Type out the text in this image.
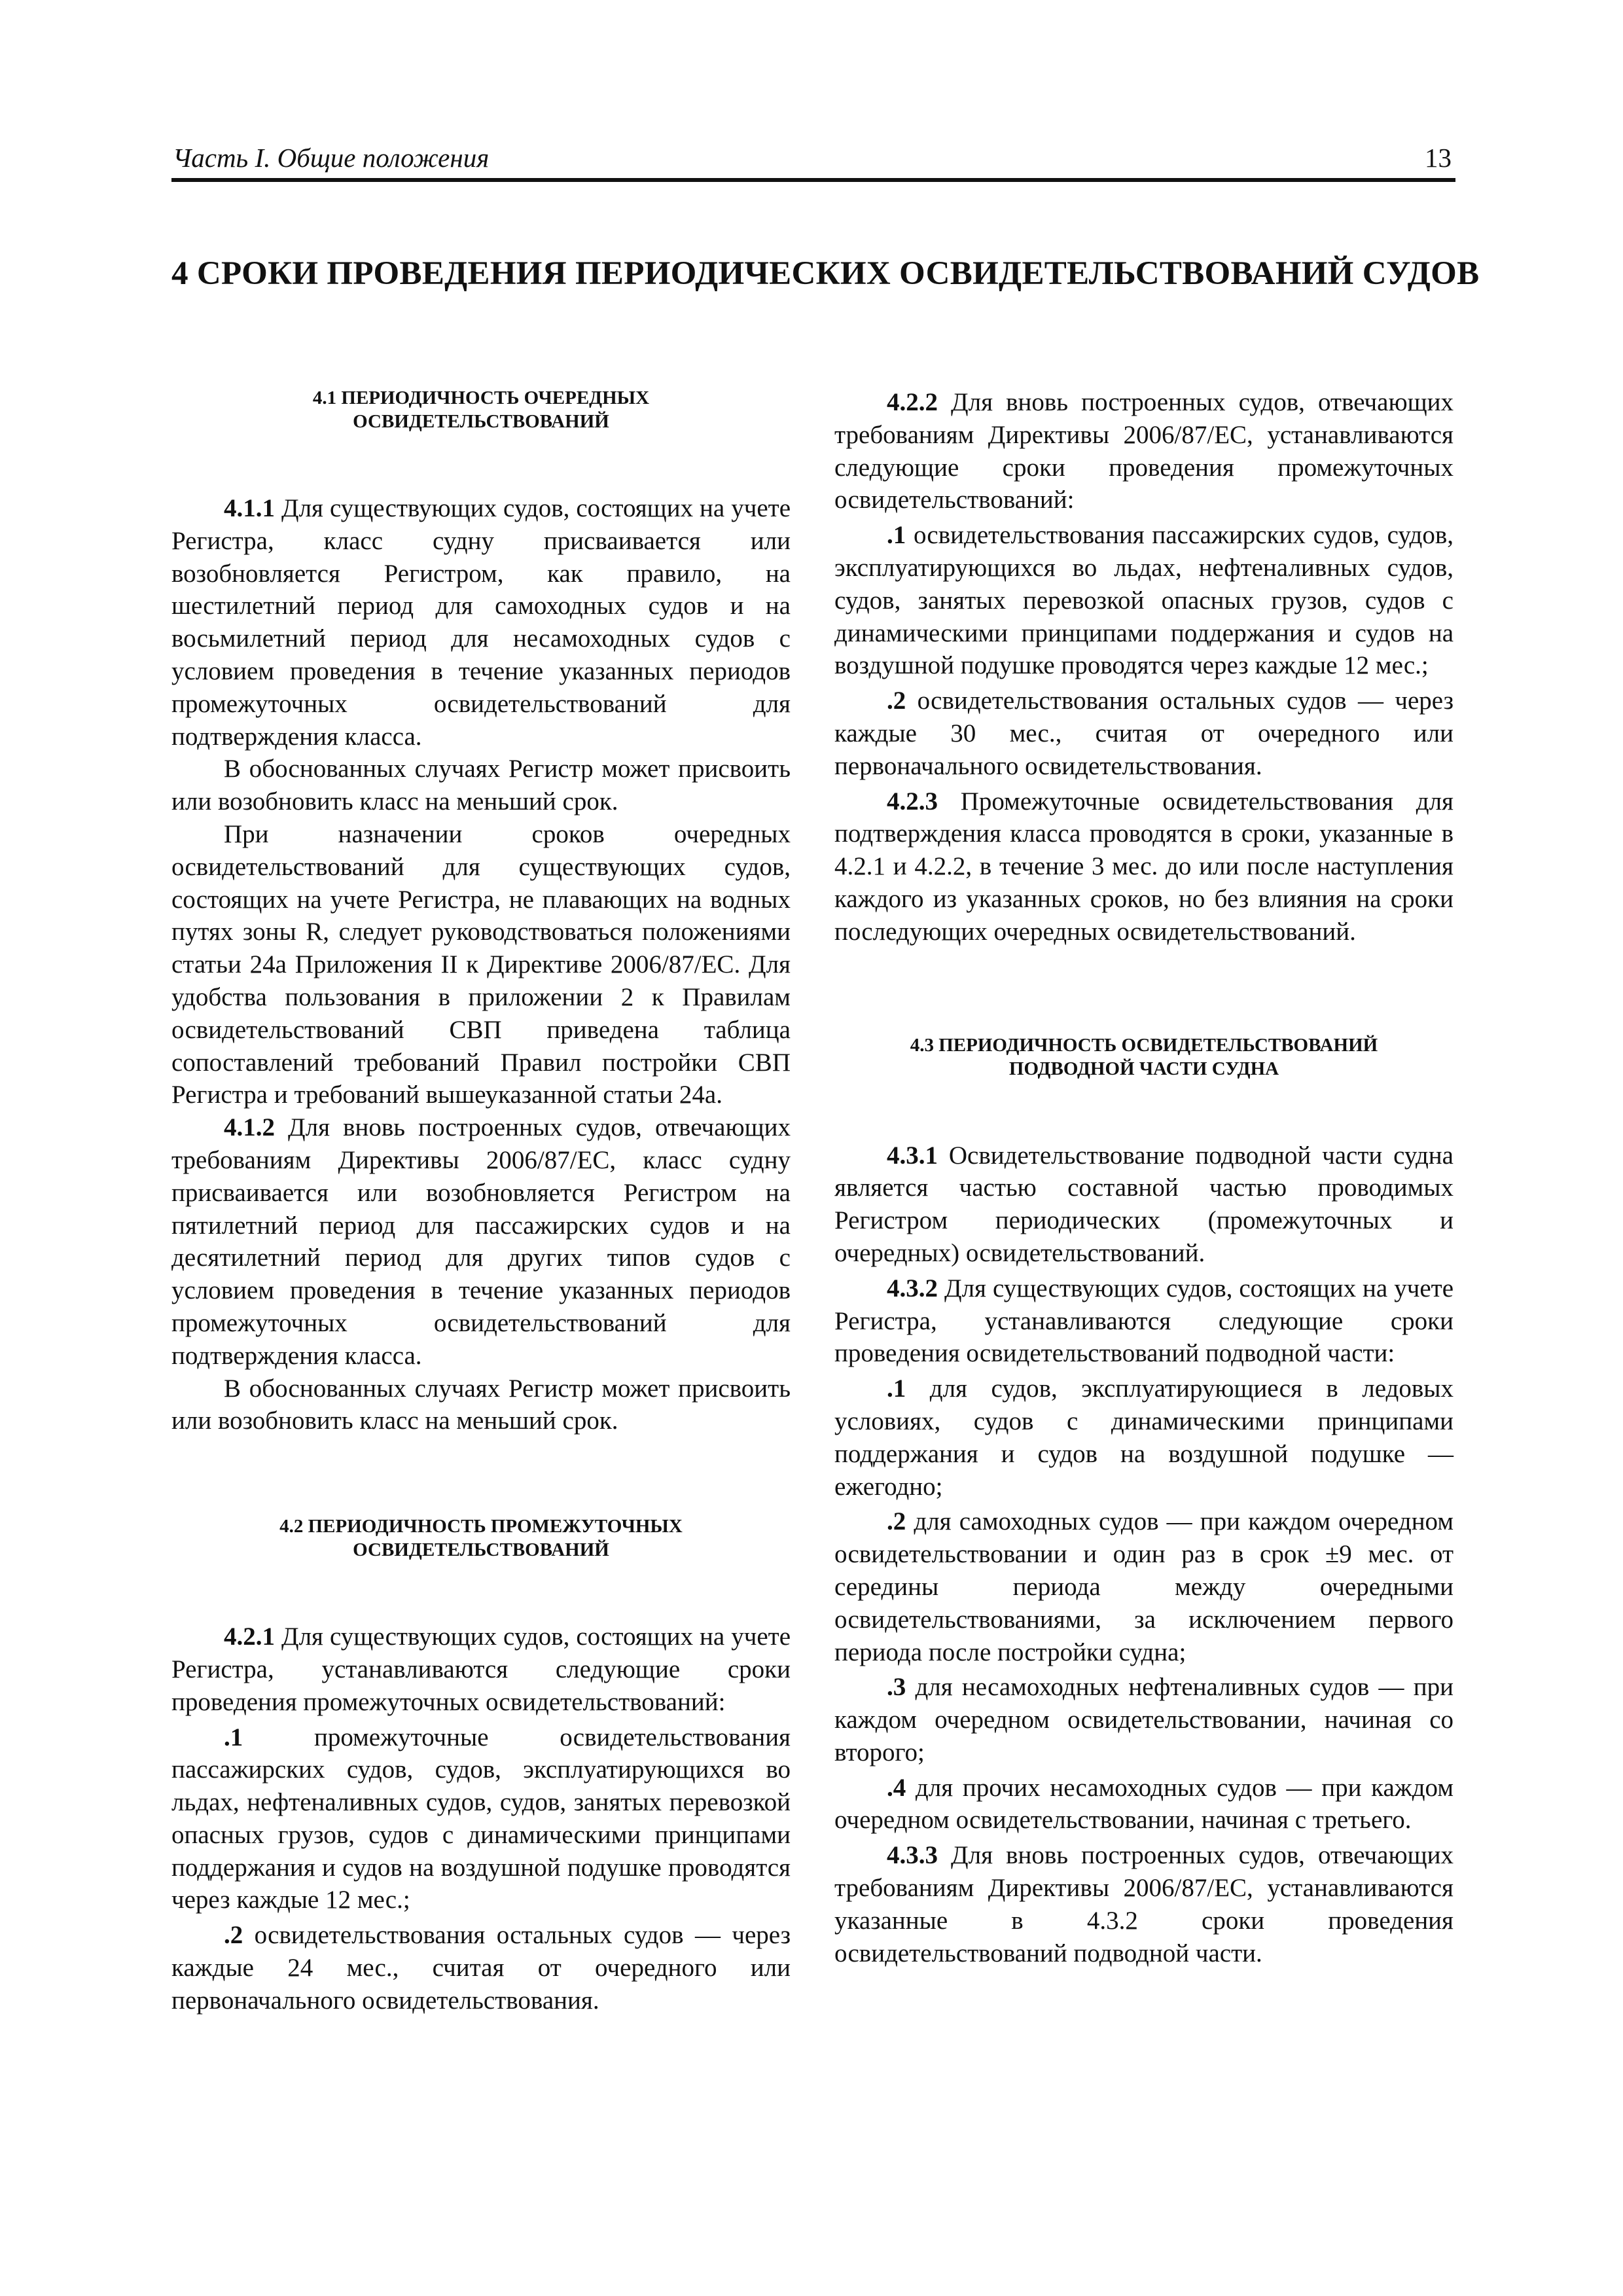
Часть I. Общие положения	13
4 СРОКИ ПРОВЕДЕНИЯ ПЕРИОДИЧЕСКИХ ОСВИДЕТЕЛЬСТВОВАНИЙ СУДОВ
4.1 ПЕРИОДИЧНОСТЬ ОЧЕРЕДНЫХ
ОСВИДЕТЕЛЬСТВОВАНИЙ

4.1.1 Для существующих судов, состоящих на учете Регистра, класс судну присваивается или возобновляется Регистром, как правило, на шестилетний период для самоходных судов и на восьмилетний период для несамоходных судов с условием проведения в течение указанных периодов промежуточных освидетельствований для подтверждения класса.

В обоснованных случаях Регистр может присвоить или возобновить класс на меньший срок.

При назначении сроков очередных освидетельствований для существующих судов, состоящих на учете Регистра, не плавающих на водных путях зоны R, следует руководствоваться положениями статьи 24а Приложения II к Директиве 2006/87/ЕС. Для удобства пользования в приложении 2 к Правилам освидетельствований СВП приведена таблица сопоставлений требований Правил постройки СВП Регистра и требований вышеуказанной статьи 24а.

4.1.2 Для вновь построенных судов, отвечающих требованиям Директивы 2006/87/ЕС, класс судну присваивается или возобновляется Регистром на пятилетний период для пассажирских судов и на десятилетний период для других типов судов с условием проведения в течение указанных периодов промежуточных освидетельствований для подтверждения класса.

В обоснованных случаях Регистр может присвоить или возобновить класс на меньший срок.

4.2 ПЕРИОДИЧНОСТЬ ПРОМЕЖУТОЧНЫХ
ОСВИДЕТЕЛЬСТВОВАНИЙ

4.2.1 Для существующих судов, состоящих на учете Регистра, устанавливаются следующие сроки проведения промежуточных освидетельствований:

.1 промежуточные освидетельствования пассажирских судов, судов, эксплуатирующихся во льдах, нефтеналивных судов, судов, занятых перевозкой опасных грузов, судов с динамическими принципами поддержания и судов на воздушной подушке проводятся через каждые 12 мес.;

.2 освидетельствования остальных судов — через каждые 24 мес., считая от очередного или первоначального освидетельствования.

4.2.2 Для вновь построенных судов, отвечающих требованиям Директивы 2006/87/ЕС, устанавливаются следующие сроки проведения промежуточных освидетельствований:

.1 освидетельствования пассажирских судов, судов, эксплуатирующихся во льдах, нефтеналивных судов, судов, занятых перевозкой опасных грузов, судов с динамическими принципами поддержания и судов на воздушной подушке проводятся через каждые 12 мес.;

.2 освидетельствования остальных судов — через каждые 30 мес., считая от очередного или первоначального освидетельствования.

4.2.3 Промежуточные освидетельствования для подтверждения класса проводятся в сроки, указанные в 4.2.1 и 4.2.2, в течение 3 мес. до или после наступления каждого из указанных сроков, но без влияния на сроки последующих очередных освидетельствований.

4.3 ПЕРИОДИЧНОСТЬ ОСВИДЕТЕЛЬСТВОВАНИЙ
ПОДВОДНОЙ ЧАСТИ СУДНА

4.3.1 Освидетельствование подводной части судна является частью составной частью проводимых Регистром периодических (промежуточных и очередных) освидетельствований.

4.3.2 Для существующих судов, состоящих на учете Регистра, устанавливаются следующие сроки проведения освидетельствований подводной части:

.1 для судов, эксплуатирующиеся в ледовых условиях, судов с динамическими принципами поддержания и судов на воздушной подушке — ежегодно;

.2 для самоходных судов — при каждом очередном освидетельствовании и один раз в срок ±9 мес. от середины периода между очередными освидетельствованиями, за исключением первого периода после постройки судна;

.3 для несамоходных нефтеналивных судов — при каждом очередном освидетельствовании, начиная со второго;

.4 для прочих несамоходных судов — при каждом очередном освидетельствовании, начиная с третьего.

4.3.3 Для вновь построенных судов, отвечающих требованиям Директивы 2006/87/ЕС, устанавливаются указанные в 4.3.2 сроки проведения освидетельствований подводной части.
